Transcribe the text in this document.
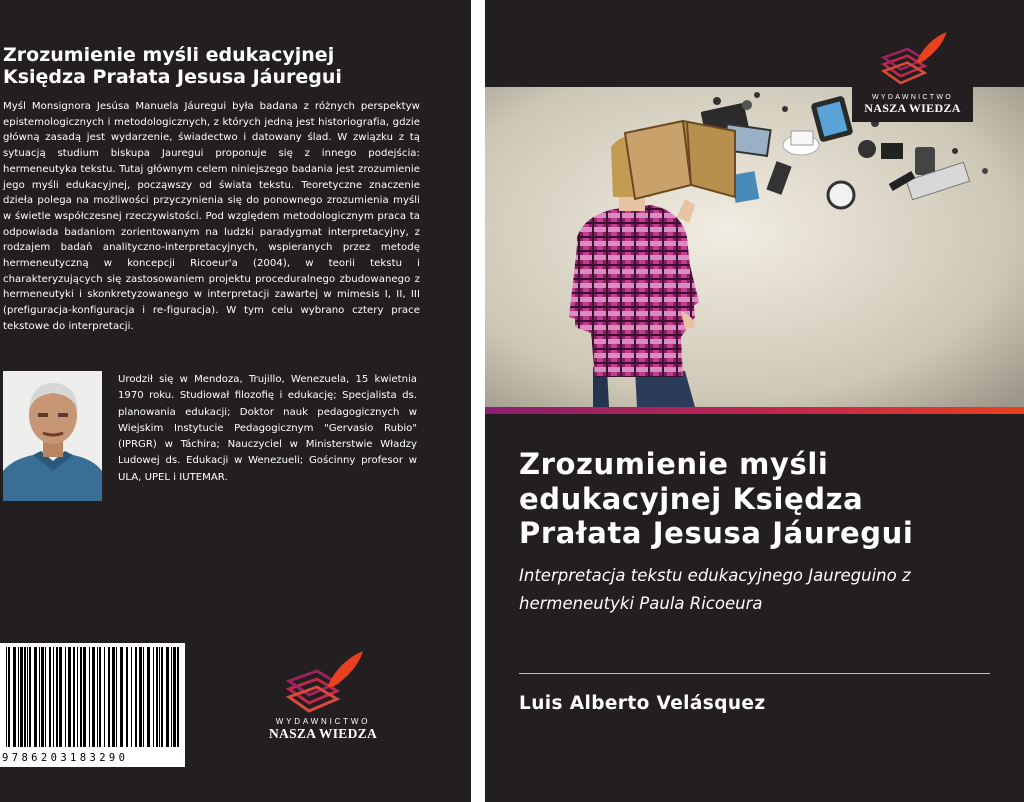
Zrozumienie myśli edukacyjnej
Księdza Prałata Jesusa Jáuregui

Myśl Monsignora Jesúsa Manuela Jáuregui była badana z różnych perspektyw epistemologicznych i metodologicznych, z których jedną jest historiografia, gdzie główną zasadą jest wydarzenie, świadectwo i datowany ślad. W związku z tą sytuacją studium biskupa Jauregui proponuje się z innego podejścia: hermeneutyka tekstu. Tutaj głównym celem niniejszego badania jest zrozumienie jego myśli edukacyjnej, począwszy od świata tekstu. Teoretyczne znaczenie dzieła polega na możliwości przyczynienia się do ponownego zrozumienia myśli w świetle współczesnej rzeczywistości. Pod względem metodologicznym praca ta odpowiada badaniom zorientowanym na ludzki paradygmat interpretacyjny, z rodzajem badań analityczno-interpretacyjnych, wspieranych przez metodę hermeneutyczną w koncepcji Ricoeur'a (2004), w teorii tekstu i charakteryzujących się zastosowaniem projektu proceduralnego zbudowanego z hermeneutyki i skonkretyzowanego w interpretacji zawartej w mimesis I, II, III (prefiguracja-konfiguracja i re-figuracja). W tym celu wybrano cztery prace tekstowe do interpretacji.

Urodził się w Mendoza, Trujillo, Wenezuela, 15 kwietnia 1970 roku. Studiował filozofię i edukację; Specjalista ds. planowania edukacji; Doktor nauk pedagogicznych w Wiejskim Instytucie Pedagogicznym "Gervasio Rubio" (IPRGR) w Táchira; Nauczyciel w Ministerstwie Władzy Ludowej ds. Edukacji w Wenezueli; Gościnny profesor w ULA, UPEL i IUTEMAR.

9786203183290
WYDAWNICTWO
NASZA WIEDZA
WYDAWNICTWO
NASZA WIEDZA
Zrozumienie myśli
edukacyjnej Księdza
Prałata Jesusa Jáuregui

Interpretacja tekstu edukacyjnego Jaureguino z
hermeneutyki Paula Ricoeura

Luis Alberto Velásquez
